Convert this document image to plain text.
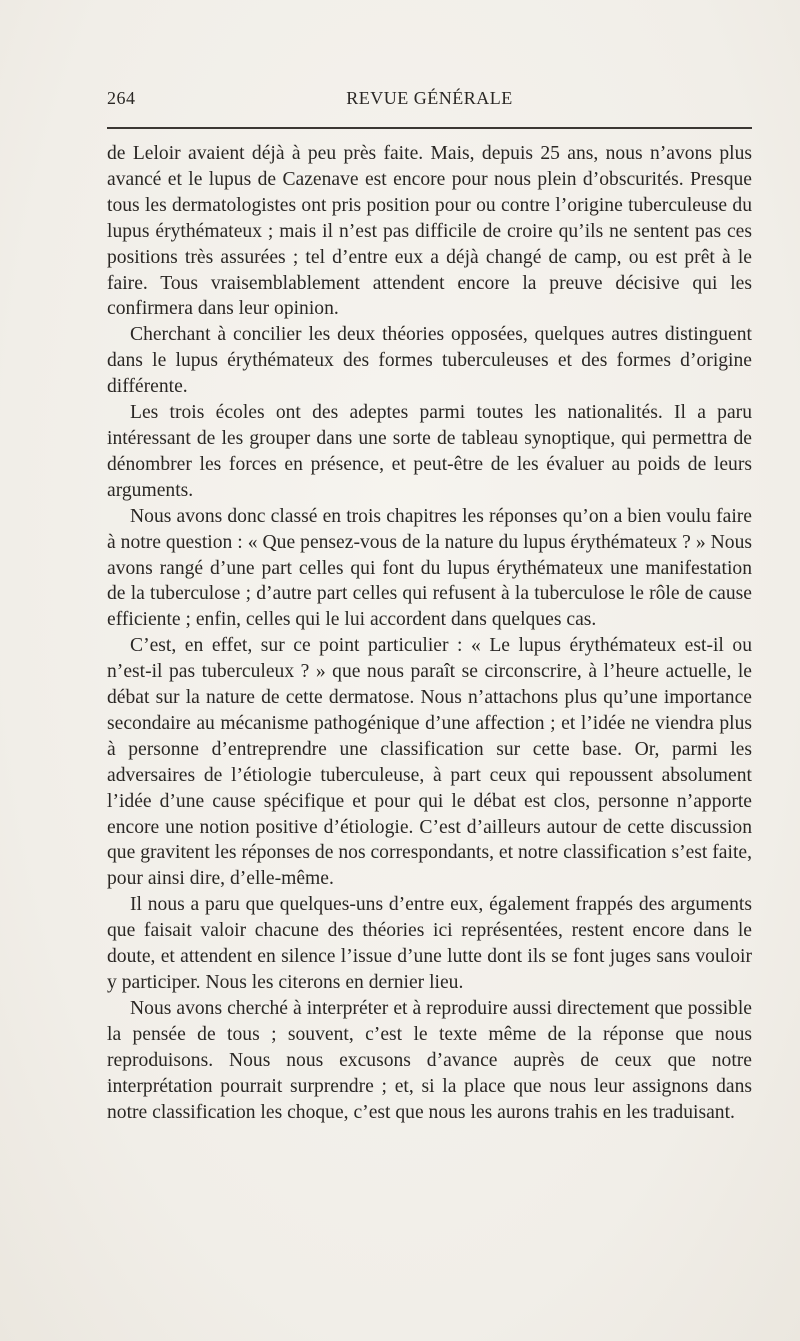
264	REVUE GÉNÉRALE

de Leloir avaient déjà à peu près faite. Mais, depuis 25 ans, nous n’avons plus avancé et le lupus de Cazenave est encore pour nous plein d’obscurités. Presque tous les dermatologistes ont pris position pour ou contre l’origine tuberculeuse du lupus érythémateux ; mais il n’est pas difficile de croire qu’ils ne sentent pas ces positions très assurées ; tel d’entre eux a déjà changé de camp, ou est prêt à le faire. Tous vraisemblablement attendent encore la preuve décisive qui les confirmera dans leur opinion.

Cherchant à concilier les deux théories opposées, quelques autres distinguent dans le lupus érythémateux des formes tuberculeuses et des formes d’origine différente.

Les trois écoles ont des adeptes parmi toutes les nationalités. Il a paru intéressant de les grouper dans une sorte de tableau synoptique, qui permettra de dénombrer les forces en présence, et peut-être de les évaluer au poids de leurs arguments.

Nous avons donc classé en trois chapitres les réponses qu’on a bien voulu faire à notre question : « Que pensez-vous de la nature du lupus érythémateux ? » Nous avons rangé d’une part celles qui font du lupus érythémateux une manifestation de la tuberculose ; d’autre part celles qui refusent à la tuberculose le rôle de cause efficiente ; enfin, celles qui le lui accordent dans quelques cas.

C’est, en effet, sur ce point particulier : « Le lupus érythémateux est-il ou n’est-il pas tuberculeux ? » que nous paraît se circonscrire, à l’heure actuelle, le débat sur la nature de cette dermatose. Nous n’attachons plus qu’une importance secondaire au mécanisme pathogénique d’une affection ; et l’idée ne viendra plus à personne d’entreprendre une classification sur cette base. Or, parmi les adversaires de l’étiologie tuberculeuse, à part ceux qui repoussent absolument l’idée d’une cause spécifique et pour qui le débat est clos, personne n’apporte encore une notion positive d’étiologie. C’est d’ailleurs autour de cette discussion que gravitent les réponses de nos correspondants, et notre classification s’est faite, pour ainsi dire, d’elle-même.

Il nous a paru que quelques-uns d’entre eux, également frappés des arguments que faisait valoir chacune des théories ici représentées, restent encore dans le doute, et attendent en silence l’issue d’une lutte dont ils se font juges sans vouloir y participer. Nous les citerons en dernier lieu.

Nous avons cherché à interpréter et à reproduire aussi directement que possible la pensée de tous ; souvent, c’est le texte même de la réponse que nous reproduisons. Nous nous excusons d’avance auprès de ceux que notre interprétation pourrait surprendre ; et, si la place que nous leur assignons dans notre classification les choque, c’est que nous les aurons trahis en les traduisant.
